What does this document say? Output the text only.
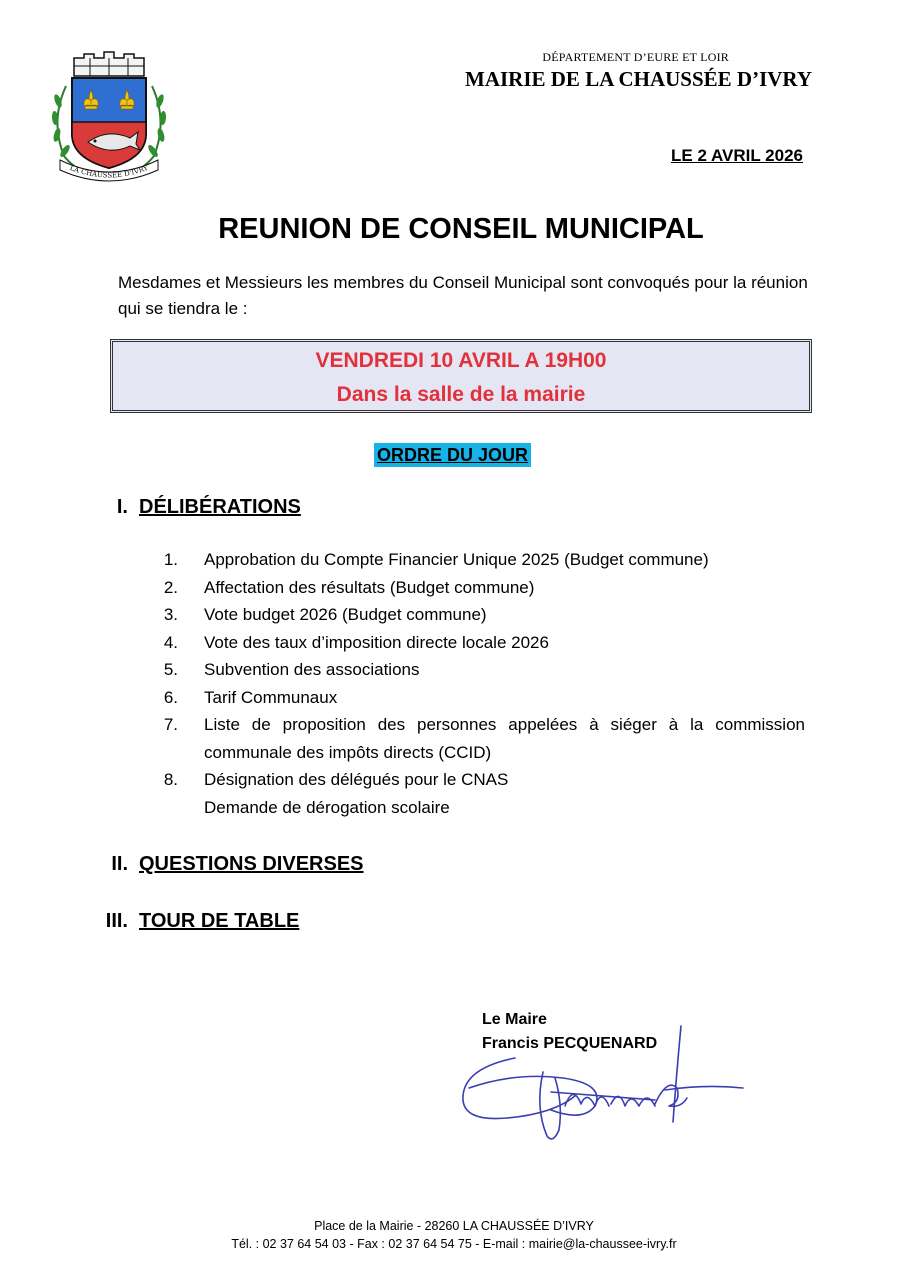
LA CHAUSSÉE D'IVRY
DÉPARTEMENT D’EURE ET LOIR
MAIRIE DE LA CHAUSSÉE D’IVRY
LE 2 AVRIL 2026
REUNION DE CONSEIL MUNICIPAL
Mesdames et Messieurs les membres du Conseil Municipal sont convoqués pour la réunion qui se tiendra le :
VENDREDI 10 AVRIL A 19H00
Dans la salle de la mairie
ORDRE DU JOUR
I. DÉLIBÉRATIONS
1. Approbation du Compte Financier Unique 2025 (Budget commune)
2. Affectation des résultats (Budget commune)
3. Vote budget 2026 (Budget commune)
4. Vote des taux d’imposition directe locale 2026
5. Subvention des associations
6. Tarif Communaux
7. Liste de proposition des personnes appelées à siéger à la commission communale des impôts directs (CCID)
8. Désignation des délégués pour le CNAS
Demande de dérogation scolaire
II. QUESTIONS DIVERSES
III. TOUR DE TABLE
Le Maire
Francis PECQUENARD
Place de la Mairie - 28260 LA CHAUSSÉE D’IVRY
Tél. : 02 37 64 54 03 - Fax : 02 37 64 54 75 - E-mail : mairie@la-chaussee-ivry.fr
